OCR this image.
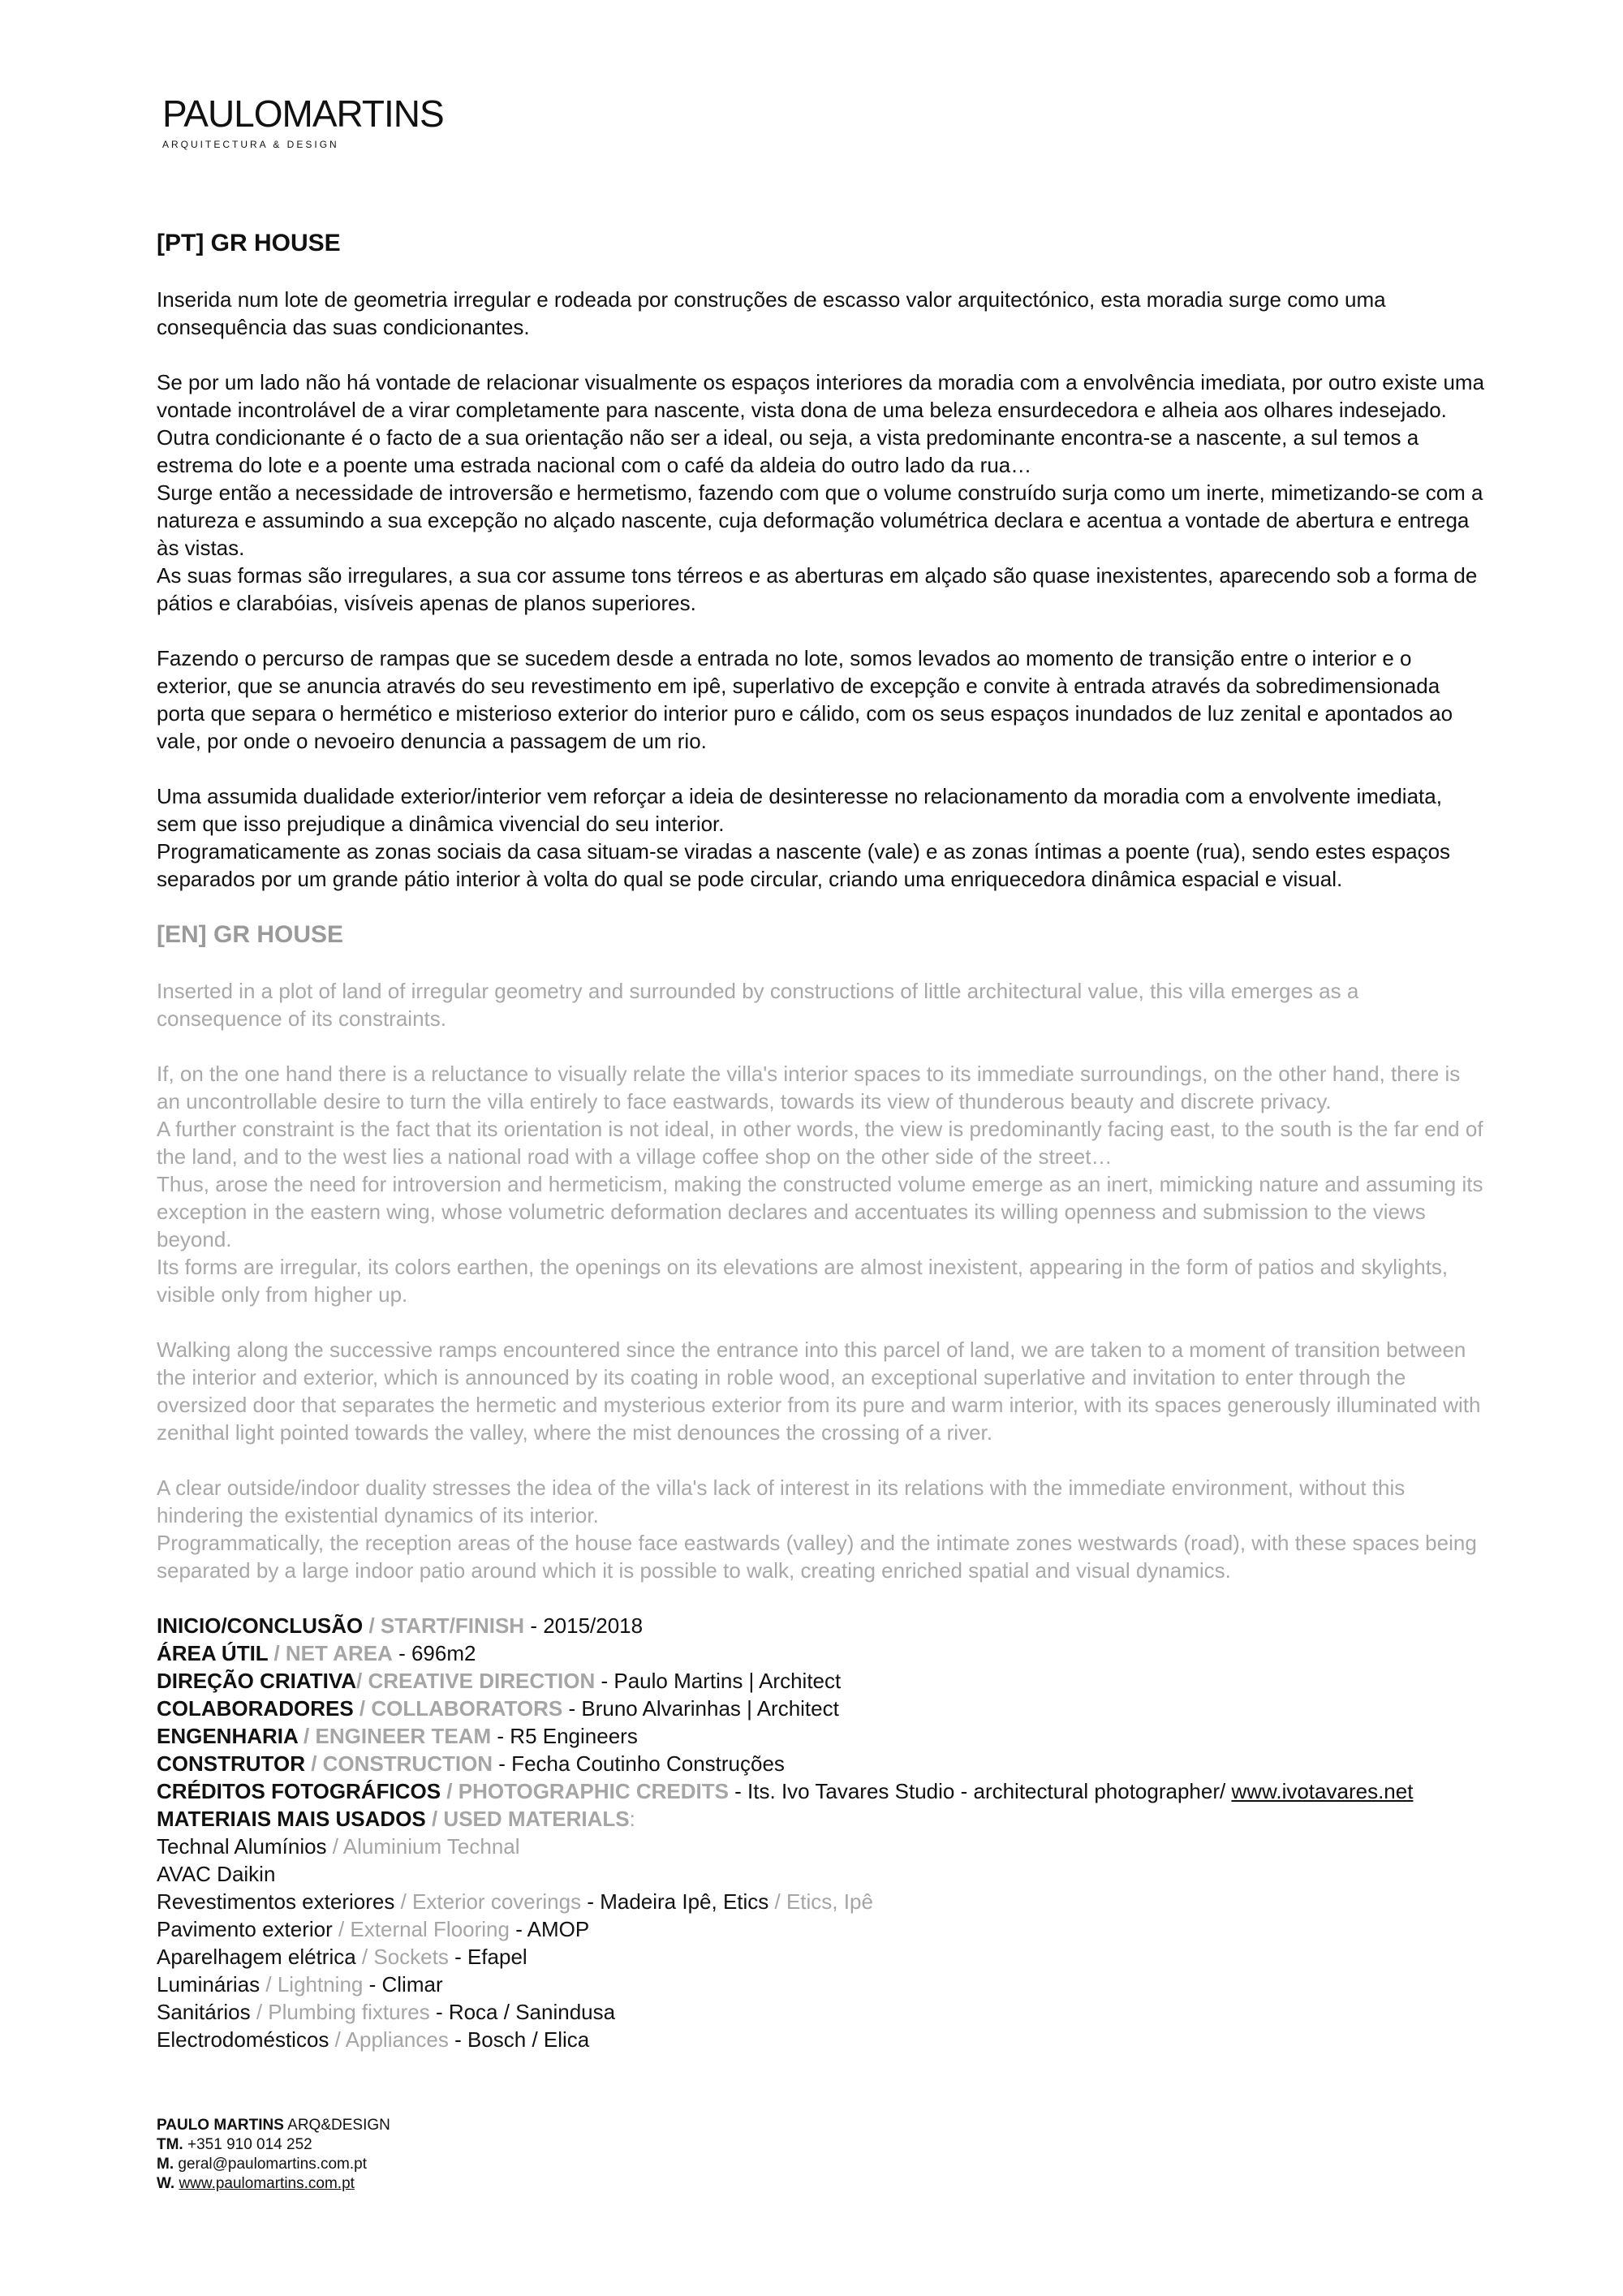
PAULOMARTINS
ARQUITECTURA & DESIGN
[PT] GR HOUSE

Inserida num lote de geometria irregular e rodeada por construções de escasso valor arquitectónico, esta moradia surge como uma consequência das suas condicionantes.

Se por um lado não há vontade de relacionar visualmente os espaços interiores da moradia com a envolvência imediata, por outro existe uma vontade incontrolável de a virar completamente para nascente, vista dona de uma beleza ensurdecedora e alheia aos olhares indesejado.

Outra condicionante é o facto de a sua orientação não ser a ideal, ou seja, a vista predominante encontra-se a nascente, a sul temos a estrema do lote e a poente uma estrada nacional com o café da aldeia do outro lado da rua…

Surge então a necessidade de introversão e hermetismo, fazendo com que o volume construído surja como um inerte, mimetizando-se com a natureza e assumindo a sua excepção no alçado nascente, cuja deformação volumétrica declara e acentua a vontade de abertura e entrega às vistas.

As suas formas são irregulares, a sua cor assume tons térreos e as aberturas em alçado são quase inexistentes, aparecendo sob a forma de pátios e clarabóias, visíveis apenas de planos superiores.

Fazendo o percurso de rampas que se sucedem desde a entrada no lote, somos levados ao momento de transição entre o interior e o exterior, que se anuncia através do seu revestimento em ipê, superlativo de excepção e convite à entrada através da sobredimensionada porta que separa o hermético e misterioso exterior do interior puro e cálido, com os seus espaços inundados de luz zenital e apontados ao vale, por onde o nevoeiro denuncia a passagem de um rio.

Uma assumida dualidade exterior/interior vem reforçar a ideia de desinteresse no relacionamento da moradia com a envolvente imediata, sem que isso prejudique a dinâmica vivencial do seu interior.

Programaticamente as zonas sociais da casa situam-se viradas a nascente (vale) e as zonas íntimas a poente (rua), sendo estes espaços separados por um grande pátio interior à volta do qual se pode circular, criando uma enriquecedora dinâmica espacial e visual.

[EN] GR HOUSE

Inserted in a plot of land of irregular geometry and surrounded by constructions of little architectural value, this villa emerges as a consequence of its constraints.

If, on the one hand there is a reluctance to visually relate the villa's interior spaces to its immediate surroundings, on the other hand, there is an uncontrollable desire to turn the villa entirely to face eastwards, towards its view of thunderous beauty and discrete privacy.

A further constraint is the fact that its orientation is not ideal, in other words, the view is predominantly facing east, to the south is the far end of the land, and to the west lies a national road with a village coffee shop on the other side of the street…

Thus, arose the need for introversion and hermeticism, making the constructed volume emerge as an inert, mimicking nature and assuming its exception in the eastern wing, whose volumetric deformation declares and accentuates its willing openness and submission to the views beyond.

Its forms are irregular, its colors earthen, the openings on its elevations are almost inexistent, appearing in the form of patios and skylights, visible only from higher up.

Walking along the successive ramps encountered since the entrance into this parcel of land, we are taken to a moment of transition between the interior and exterior, which is announced by its coating in roble wood, an exceptional superlative and invitation to enter through the oversized door that separates the hermetic and mysterious exterior from its pure and warm interior, with its spaces generously illuminated with zenithal light pointed towards the valley, where the mist denounces the crossing of a river.

A clear outside/indoor duality stresses the idea of the villa's lack of interest in its relations with the immediate environment, without this hindering the existential dynamics of its interior.

Programmatically, the reception areas of the house face eastwards (valley) and the intimate zones westwards (road), with these spaces being separated by a large indoor patio around which it is possible to walk, creating enriched spatial and visual dynamics.

INICIO/CONCLUSÃO / START/FINISH - 2015/2018
ÁREA ÚTIL / NET AREA - 696m2
DIREÇÃO CRIATIVA/ CREATIVE DIRECTION - Paulo Martins | Architect
COLABORADORES / COLLABORATORS - Bruno Alvarinhas | Architect
ENGENHARIA / ENGINEER TEAM - R5 Engineers
CONSTRUTOR / CONSTRUCTION - Fecha Coutinho Construções
CRÉDITOS FOTOGRÁFICOS / PHOTOGRAPHIC CREDITS - Its. Ivo Tavares Studio - architectural photographer/ www.ivotavares.net
MATERIAIS MAIS USADOS / USED MATERIALS:
Technal Alumínios / Aluminium Technal
AVAC Daikin
Revestimentos exteriores / Exterior coverings - Madeira Ipê, Etics / Etics, Ipê
Pavimento exterior / External Flooring - AMOP
Aparelhagem elétrica / Sockets - Efapel
Luminárias / Lightning - Climar
Sanitários / Plumbing fixtures - Roca / Sanindusa
Electrodomésticos / Appliances - Bosch / Elica
PAULO MARTINS ARQ&DESIGN
TM. +351 910 014 252
M. geral@paulomartins.com.pt
W. www.paulomartins.com.pt
